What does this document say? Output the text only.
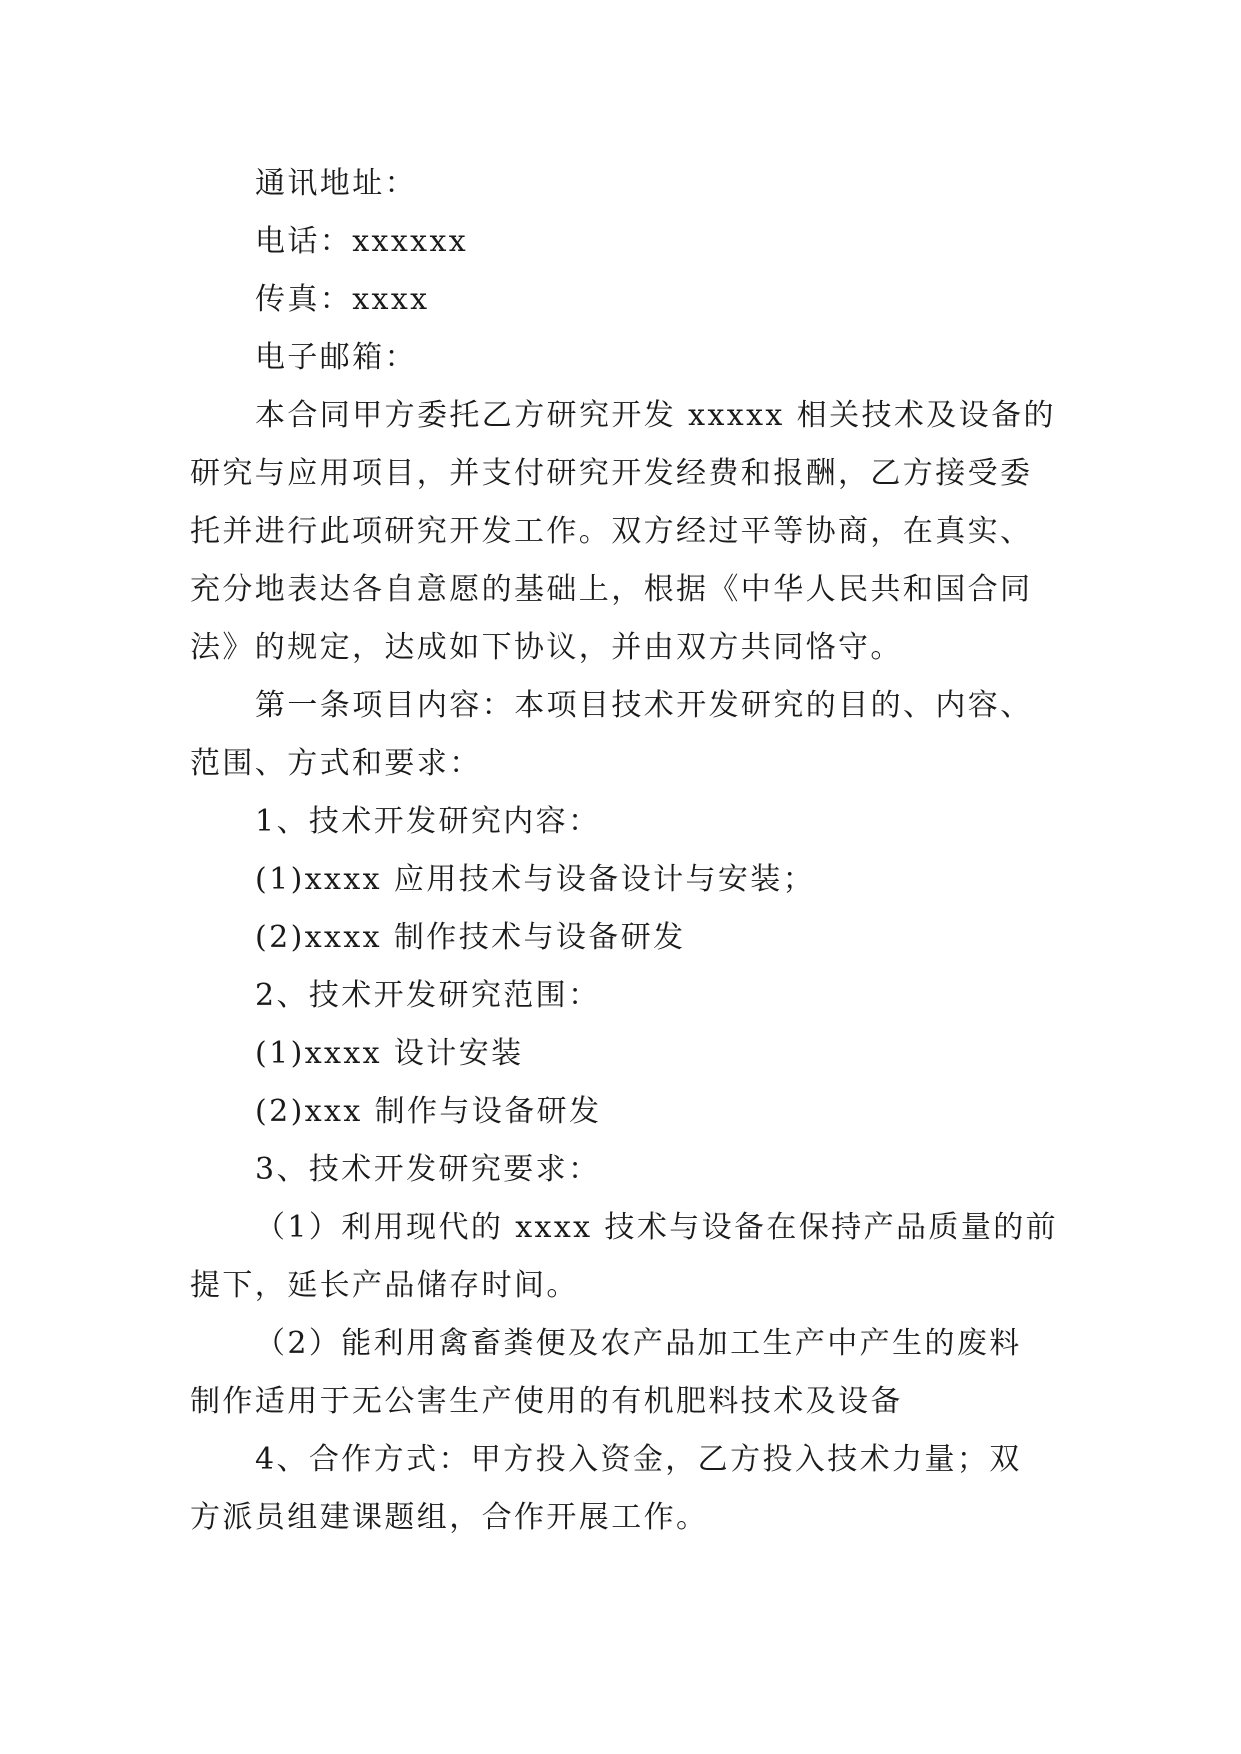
通讯地址：

电话：xxxxxx

传真：xxxx

电子邮箱：

本合同甲方委托乙方研究开发 xxxxx 相关技术及设备的

研究与应用项目，并支付研究开发经费和报酬，乙方接受委

托并进行此项研究开发工作。双方经过平等协商，在真实、

充分地表达各自意愿的基础上，根据《中华人民共和国合同

法》的规定，达成如下协议，并由双方共同恪守。

第一条项目内容：本项目技术开发研究的目的、内容、

范围、方式和要求：

1、技术开发研究内容：

(1)xxxx 应用技术与设备设计与安装；

(2)xxxx 制作技术与设备研发

2、技术开发研究范围：

(1)xxxx 设计安装

(2)xxx 制作与设备研发

3、技术开发研究要求：

（1）利用现代的 xxxx 技术与设备在保持产品质量的前

提下，延长产品储存时间。

（2）能利用禽畜粪便及农产品加工生产中产生的废料

制作适用于无公害生产使用的有机肥料技术及设备

4、合作方式：甲方投入资金，乙方投入技术力量；双

方派员组建课题组，合作开展工作。
